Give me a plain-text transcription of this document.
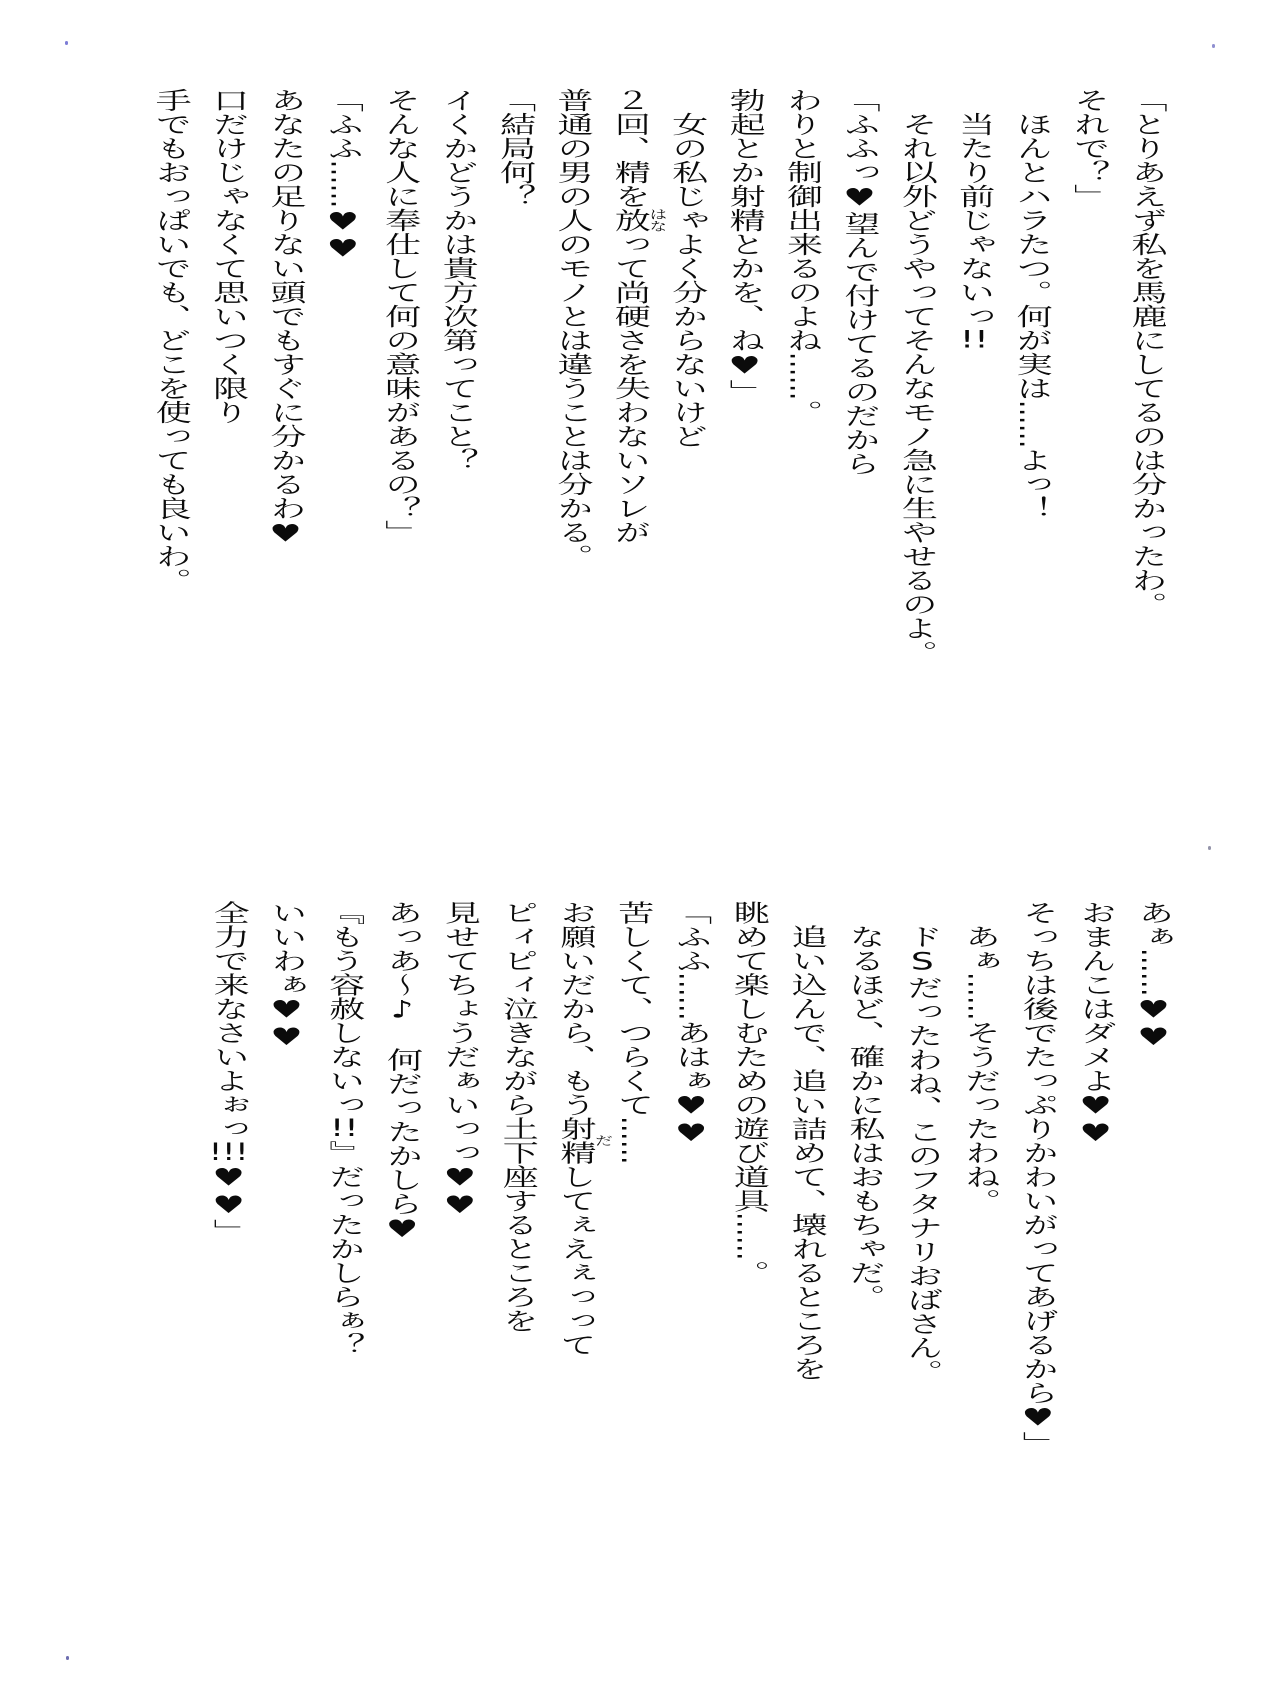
「とりあえず私を馬鹿にしてるのは分かったわ。
それで？」
ほんとハラたつ。何が実は……よっ！
当たり前じゃないっ!!
それ以外どうやってそんなモノ急に生やせるのよ。
「ふふっ♥望んで付けてるのだから
わりと制御出来るのよね……。
勃起とか射精とかを、ね♥」
女の私じゃよく分からないけど
２回、精を放って尚硬さを失わないソレが
はな
普通の男の人のモノとは違うことは分かる。
「結局何？
イくかどうかは貴方次第ってこと？
そんな人に奉仕して何の意味があるの？」
「ふふ……♥♥
あなたの足りない頭でもすぐに分かるわ♥
口だけじゃなくて思いつく限り
手でもおっぱいでも、どこを使っても良いわ。
あぁ……♥♥
おまんこはダメよ♥♥
そっちは後でたっぷりかわいがってあげるから♥」
あぁ……そうだったわね。
ドSだったわね、このフタナリおばさん。
なるほど、確かに私はおもちゃだ。
追い込んで、追い詰めて、壊れるところを
眺めて楽しむための遊び道具……。
「ふふ……あはぁ♥♥
苦しくて、つらくて……
お願いだから、もう射精してぇえぇっって
だ
ピィピィ泣きながら土下座するところを
見せてちょうだぁいっっ♥♥
あっあ〜♪　何だったかしら♥
『もう容赦しないっ!!』だったかしらぁ？
いいわぁ♥♥
全力で来なさいよぉっ!!!♥♥」
